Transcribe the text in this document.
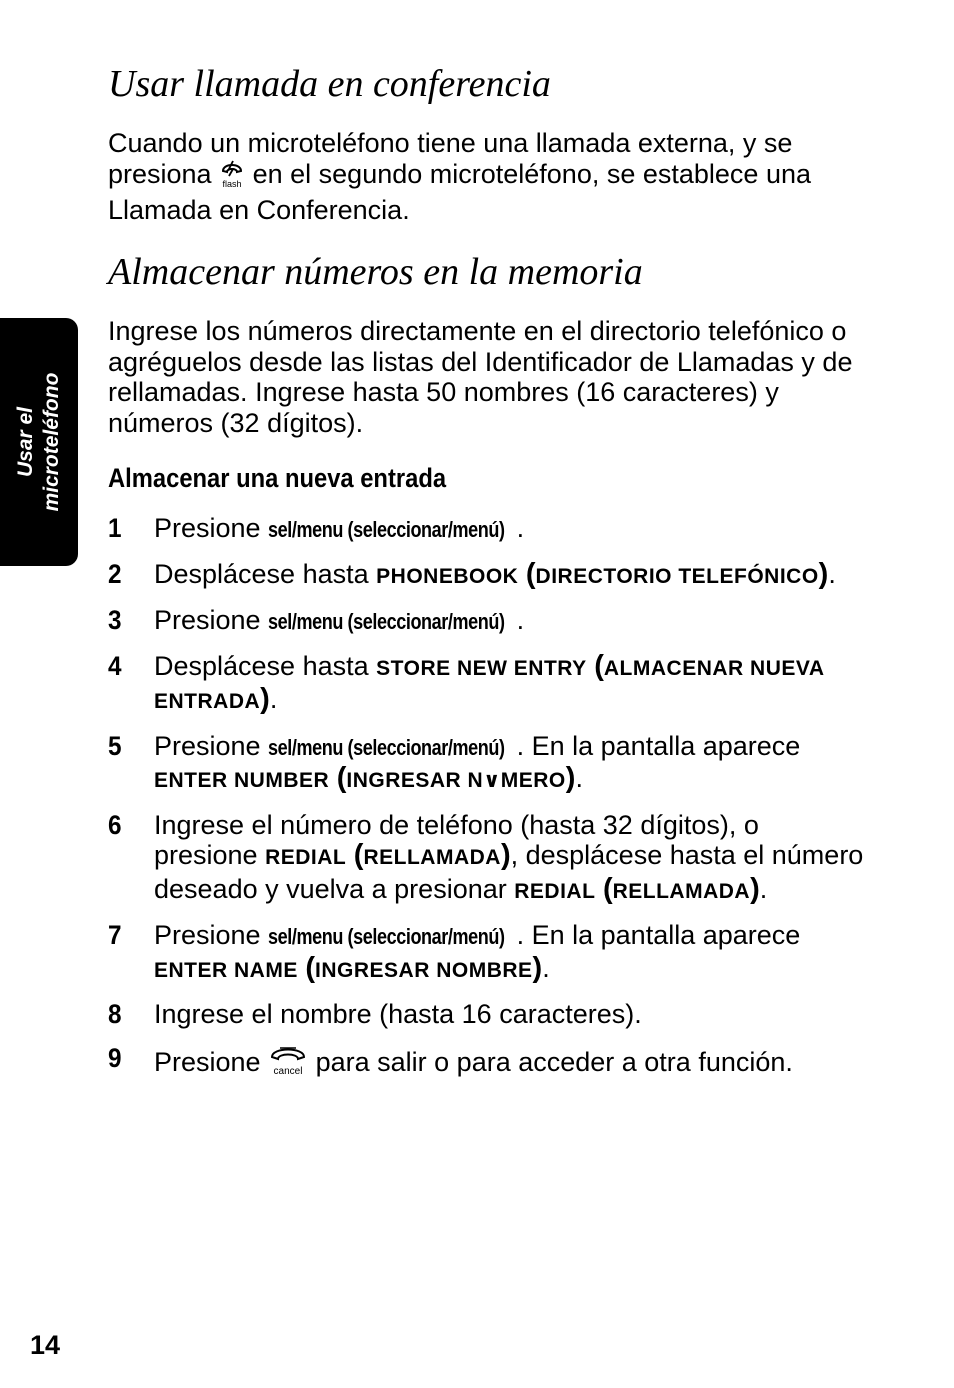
Usar el microteléfono
Usar llamada en conferencia

Cuando un microteléfono tiene una llamada externa, y se presiona flash en el segundo microteléfono, se establece una Llamada en Conferencia.

Almacenar números en la memoria

Ingrese los números directamente en el directorio telefónico o agréguelos desde las listas del Identificador de Llamadas y de rellamadas. Ingrese hasta 50 nombres (16 caracteres) y números (32 dígitos).

Almacenar una nueva entrada
1 Presione sel/menu (seleccionar/menú) .
2 Desplácese hasta PHONEBOOK (DIRECTORIO TELEFÓNICO).
3 Presione sel/menu (seleccionar/menú) .
4 Desplácese hasta STORE NEW ENTRY (ALMACENAR NUEVA ENTRADA).
5 Presione sel/menu (seleccionar/menú) . En la pantalla aparece ENTER NUMBER (INGRESAR N∨MERO).
6 Ingrese el número de teléfono (hasta 32 dígitos), o presione REDIAL (RELLAMADA), desplácese hasta el número deseado y vuelva a presionar REDIAL (RELLAMADA).
7 Presione sel/menu (seleccionar/menú) . En la pantalla aparece ENTER NAME (INGRESAR NOMBRE).
8 Ingrese el nombre (hasta 16 caracteres).
9 Presione cancel para salir o para acceder a otra función.
14
